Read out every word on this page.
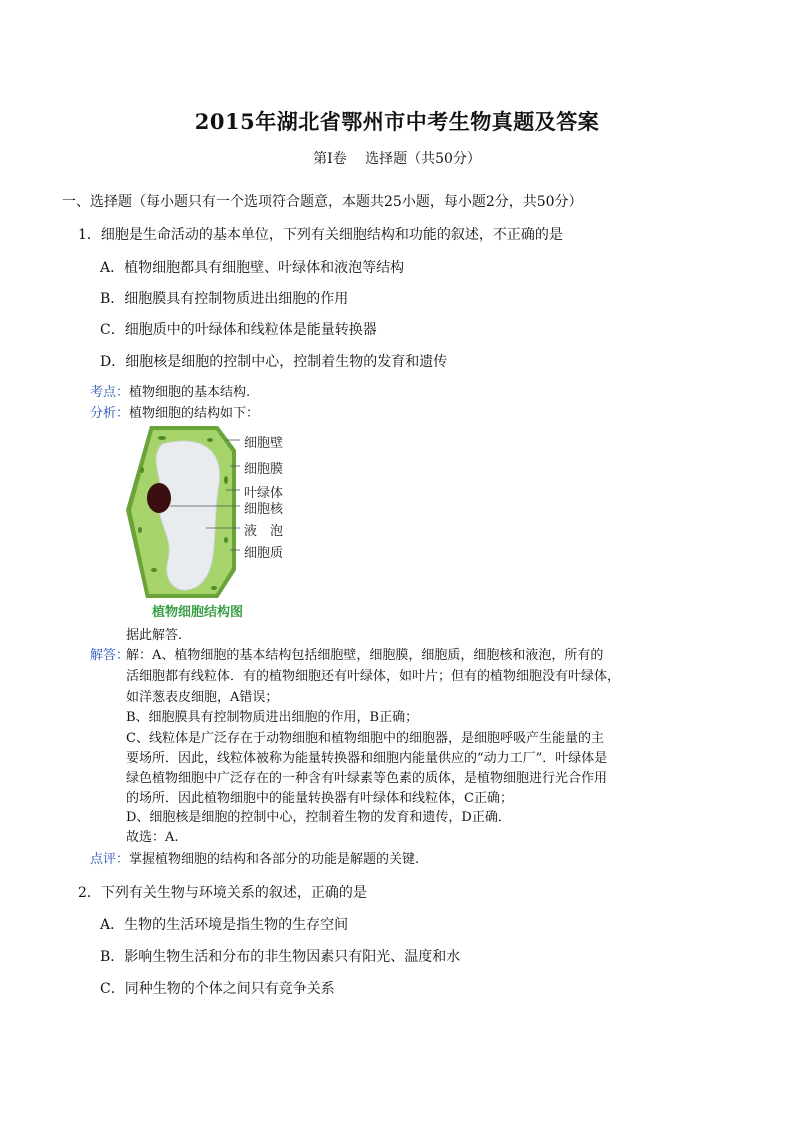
2015年湖北省鄂州市中考生物真题及答案
第I卷　 选择题（共50分）
一、选择题（每小题只有一个选项符合题意，本题共25小题，每小题2分，共50分）
1．细胞是生命活动的基本单位，下列有关细胞结构和功能的叙述，不正确的是
A．植物细胞都具有细胞壁、叶绿体和液泡等结构
B．细胞膜具有控制物质进出细胞的作用
C．细胞质中的叶绿体和线粒体是能量转换器
D．细胞核是细胞的控制中心，控制着生物的发育和遗传
考点：植物细胞的基本结构.
分析：植物细胞的结构如下：
细胞壁
细胞膜
叶绿体
细胞核
液　泡
细胞质
植物细胞结构图
据此解答.
解答：
解：A、植物细胞的基本结构包括细胞壁，细胞膜，细胞质，细胞核和液泡，所有的
活细胞都有线粒体．有的植物细胞还有叶绿体，如叶片；但有的植物细胞没有叶绿体，
如洋葱表皮细胞，A错误；
B、细胞膜具有控制物质进出细胞的作用，B正确；
C、线粒体是广泛存在于动物细胞和植物细胞中的细胞器，是细胞呼吸产生能量的主
要场所．因此，线粒体被称为能量转换器和细胞内能量供应的“动力工厂”．叶绿体是
绿色植物细胞中广泛存在的一种含有叶绿素等色素的质体，是植物细胞进行光合作用
的场所．因此植物细胞中的能量转换器有叶绿体和线粒体，C正确；
D、细胞核是细胞的控制中心，控制着生物的发育和遗传，D正确．
故选：A.
点评：掌握植物细胞的结构和各部分的功能是解题的关键.
2．下列有关生物与环境关系的叙述，正确的是
A．生物的生活环境是指生物的生存空间
B．影响生物生活和分布的非生物因素只有阳光、温度和水
C．同种生物的个体之间只有竞争关系
